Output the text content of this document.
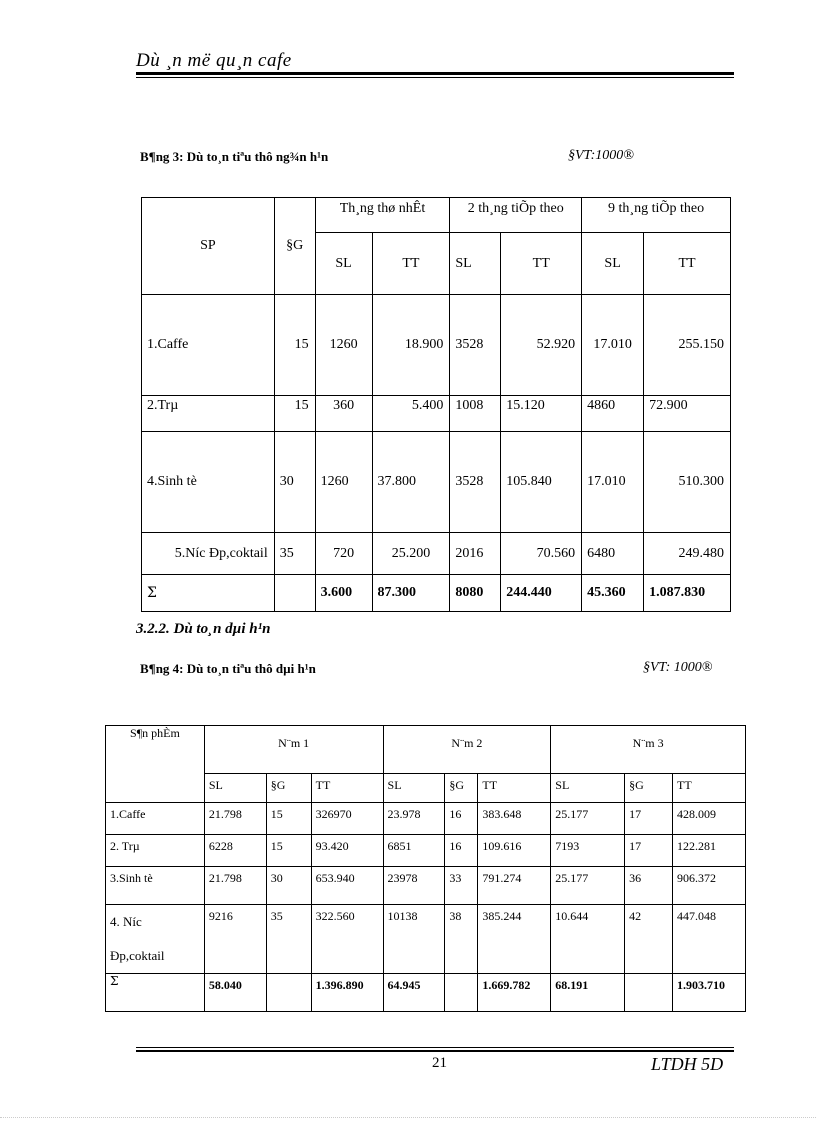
Dù ¸n më qu¸n cafe
B¶ng 3: Dù to¸n tiªu thô ng¾n h¹n	§VT:1000®
SP	§G	Th¸ng thø nhÊt		2 th¸ng tiÕp theo		9 th¸ng tiÕp theo	
		SL	TT	SL	TT	SL	TT
1.Caffe	15	1260	18.900	3528	52.920	17.010	255.150
2.Trµ	15	360	5.400	1008	15.120	4860	72.900
4.Sinh tè	30	1260	37.800	3528	105.840	17.010	510.300
5.Níc Ðp,coktail	35	720	25.200	2016	70.560	6480	249.480
Σ		3.600	87.300	8080	244.440	45.360	1.087.830
3.2.2. Dù to¸n dµi h¹n
B¶ng 4: Dù to¸n tiªu thô dµi h¹n	§VT: 1000®
S¶n phÈm	N¨m 1			N¨m 2			N¨m 3		
	SL	§G	TT	SL	§G	TT	SL	§G	TT
1.Caffe	21.798	15	326970	23.978	16	383.648	25.177	17	428.009
2. Trµ	6228	15	93.420	6851	16	109.616	7193	17	122.281
3.Sinh tè	21.798	30	653.940	23978	33	791.274	25.177	36	906.372

4. Níc
Ðp,coktail	9216	35	322.560	10138	38	385.244	10.644	42	447.048
Σ	58.040		1.396.890	64.945		1.669.782	68.191		1.903.710
21	LTDH 5D
